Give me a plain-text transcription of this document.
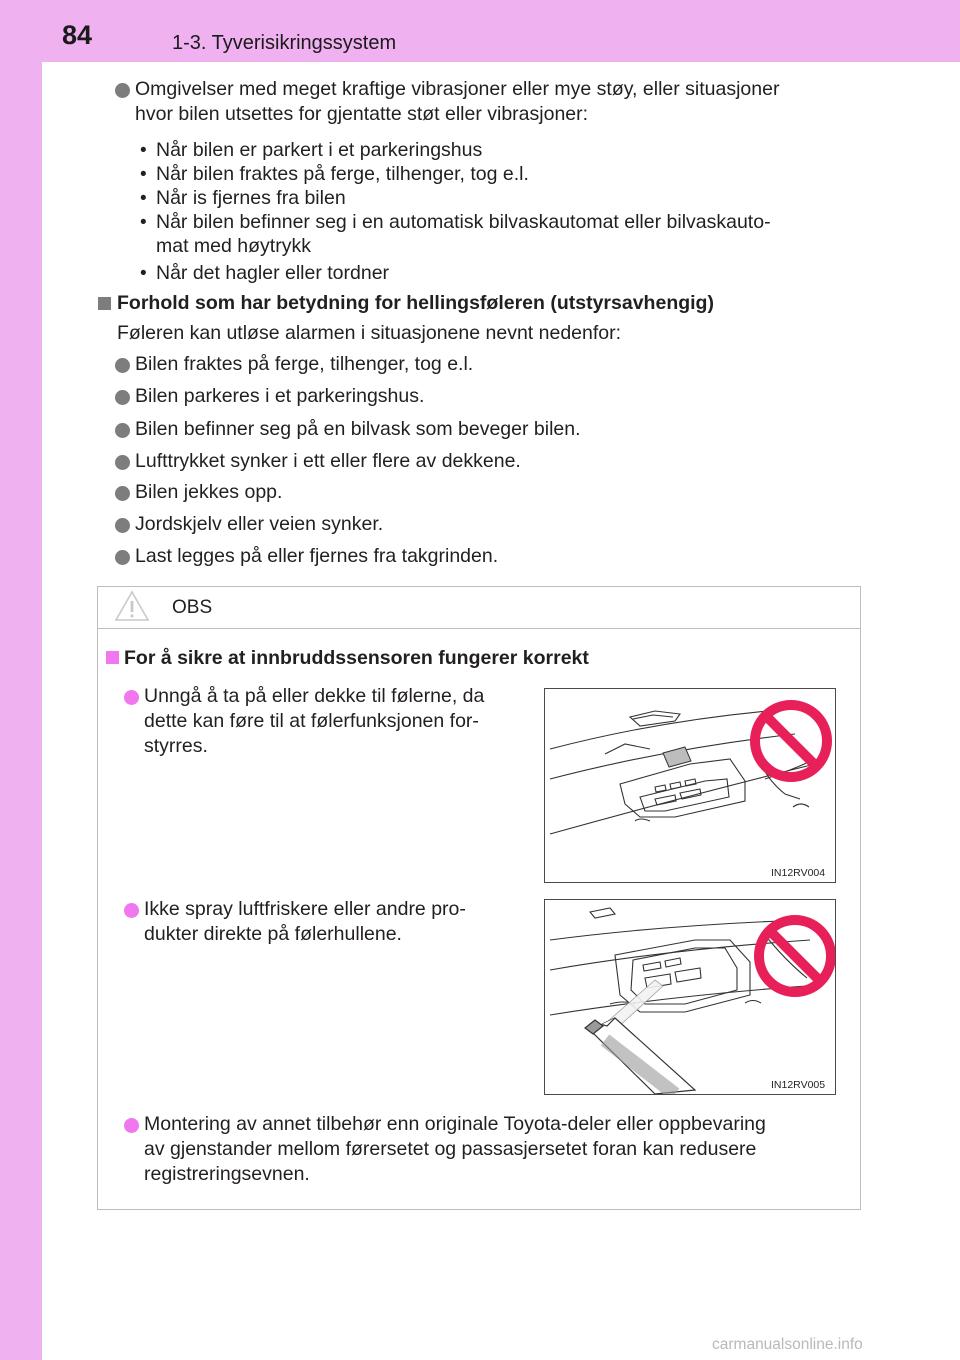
84	1-3. Tyverisikringssystem

Omgivelser med meget kraftige vibrasjoner eller mye støy, eller situasjoner

hvor bilen utsettes for gjentatte støt eller vibrasjoner:

• Når bilen er parkert i et parkeringshus

• Når bilen fraktes på ferge, tilhenger, tog e.l.

• Når is fjernes fra bilen

• Når bilen befinner seg i en automatisk bilvaskautomat eller bilvaskauto-

mat med høytrykk

• Når det hagler eller tordner

Forhold som har betydning for hellingsføleren (utstyrsavhengig)

Føleren kan utløse alarmen i situasjonene nevnt nedenfor:

Bilen fraktes på ferge, tilhenger, tog e.l.

Bilen parkeres i et parkeringshus.

Bilen befinner seg på en bilvask som beveger bilen.

Lufttrykket synker i ett eller flere av dekkene.

Bilen jekkes opp.

Jordskjelv eller veien synker.

Last legges på eller fjernes fra takgrinden.

OBS

For å sikre at innbruddssensoren fungerer korrekt

Unngå å ta på eller dekke til følerne, da

dette kan føre til at følerfunksjonen for-

styrres.

IN12RV004

Ikke spray luftfriskere eller andre pro-

dukter direkte på følerhullene.

IN12RV005

Montering av annet tilbehør enn originale Toyota-deler eller oppbevaring

av gjenstander mellom førersetet og passasjersetet foran kan redusere

registreringsevnen.

carmanualsonline.info
